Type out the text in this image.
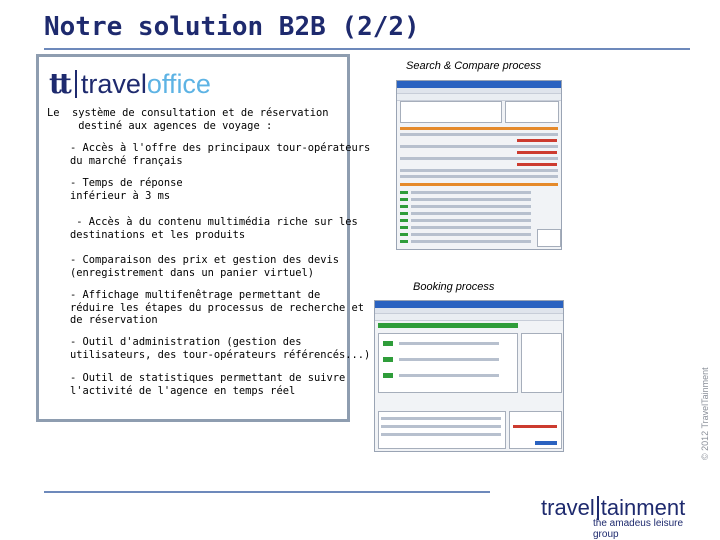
Notre solution B2B (2/2)
tt traveloffice
Le  système de consultation et de réservation
destiné aux agences de voyage :
- Accès à l'offre des principaux tour-opérateurs
du marché français
- Temps de réponse
inférieur à 3 ms
- Accès à du contenu multimédia riche sur les
destinations et les produits
- Comparaison des prix et gestion des devis
(enregistrement dans un panier virtuel)
- Affichage multifenêtrage permettant de
réduire les étapes du processus de recherche et
de réservation
- Outil d'administration (gestion des
utilisateurs, des tour-opérateurs référencés...)
- Outil de statistiques permettant de suivre
l'activité de l'agence en temps réel
Search & Compare process
Booking process
© 2012 TravelTainment
travel tainment
the amadeus leisure group
